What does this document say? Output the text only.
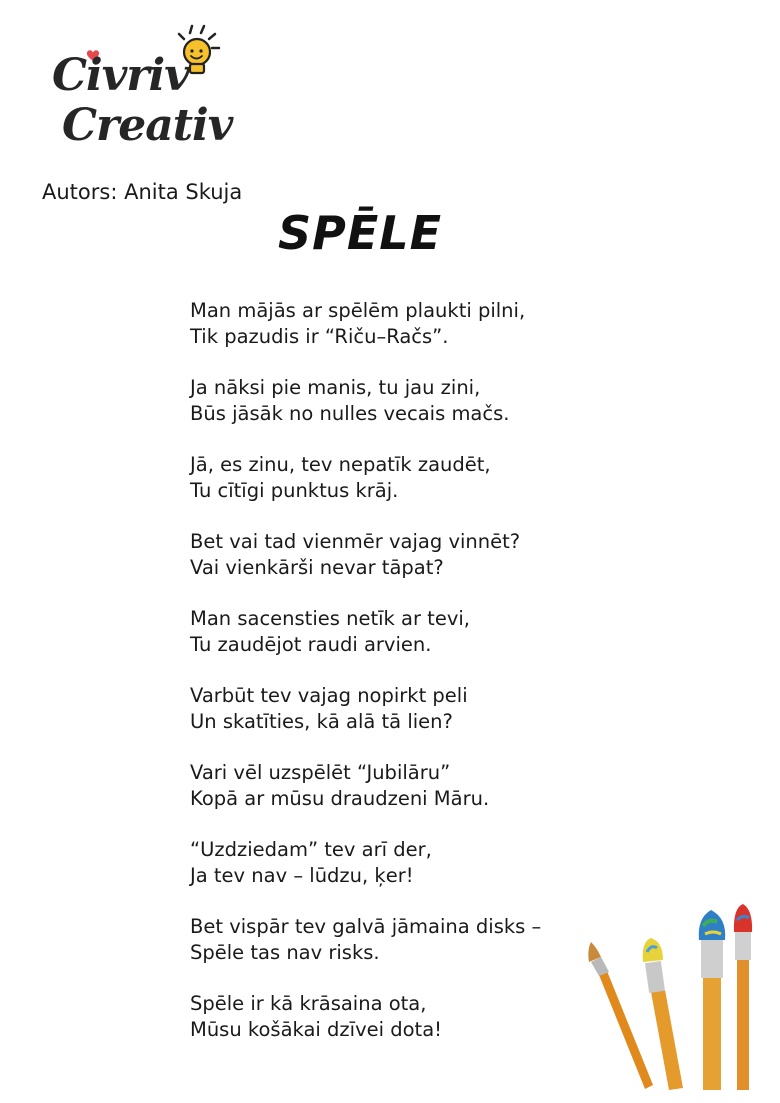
Civriv
Creativ
Autors: Anita Skuja
SPĒLE
Man mājās ar spēlēm plaukti pilni,
Tik pazudis ir “Riču–Račs”.
Ja nāksi pie manis, tu jau zini,
Būs jāsāk no nulles vecais mačs.
Jā, es zinu, tev nepatīk zaudēt,
Tu cītīgi punktus krāj.
Bet vai tad vienmēr vajag vinnēt?
Vai vienkārši nevar tāpat?
Man sacensties netīk ar tevi,
Tu zaudējot raudi arvien.
Varbūt tev vajag nopirkt peli
Un skatīties, kā alā tā lien?
Vari vēl uzspēlēt “Jubilāru”
Kopā ar mūsu draudzeni Māru.
“Uzdziedam” tev arī der,
Ja tev nav – lūdzu, ķer!
Bet vispār tev galvā jāmaina disks –
Spēle tas nav risks.
Spēle ir kā krāsaina ota,
Mūsu košākai dzīvei dota!
